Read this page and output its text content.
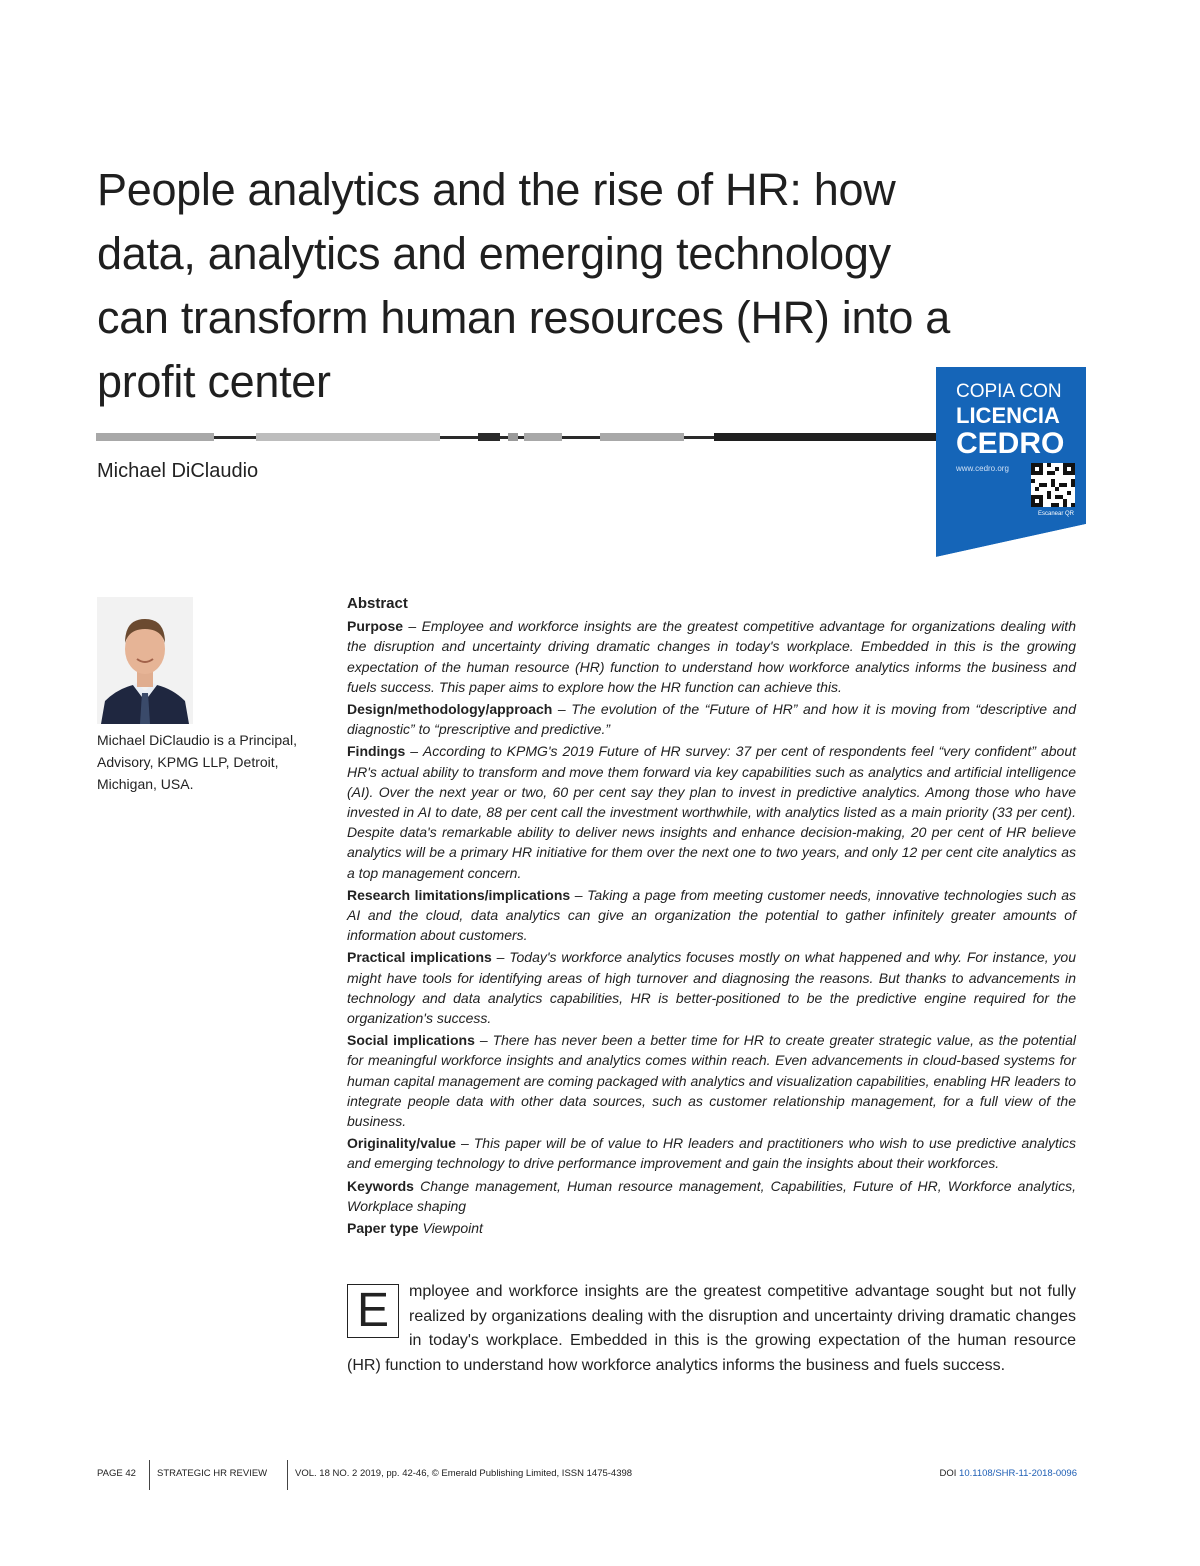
People analytics and the rise of HR: how
data, analytics and emerging technology
can transform human resources (HR) into a
profit center
Michael DiClaudio
COPIA CON
LICENCIA
CEDRO
www.cedro.org
Escanear QR
Michael DiClaudio is a Principal, Advisory, KPMG LLP, Detroit, Michigan, USA.
Abstract

Purpose – Employee and workforce insights are the greatest competitive advantage for organizations dealing with the disruption and uncertainty driving dramatic changes in today's workplace. Embedded in this is the growing expectation of the human resource (HR) function to understand how workforce analytics informs the business and fuels success. This paper aims to explore how the HR function can achieve this.

Design/methodology/approach – The evolution of the “Future of HR” and how it is moving from “descriptive and diagnostic” to “prescriptive and predictive.”

Findings – According to KPMG's 2019 Future of HR survey: 37 per cent of respondents feel “very confident” about HR's actual ability to transform and move them forward via key capabilities such as analytics and artificial intelligence (AI). Over the next year or two, 60 per cent say they plan to invest in predictive analytics. Among those who have invested in AI to date, 88 per cent call the investment worthwhile, with analytics listed as a main priority (33 per cent). Despite data's remarkable ability to deliver news insights and enhance decision-making, 20 per cent of HR believe analytics will be a primary HR initiative for them over the next one to two years, and only 12 per cent cite analytics as a top management concern.

Research limitations/implications – Taking a page from meeting customer needs, innovative technologies such as AI and the cloud, data analytics can give an organization the potential to gather infinitely greater amounts of information about customers.

Practical implications – Today's workforce analytics focuses mostly on what happened and why. For instance, you might have tools for identifying areas of high turnover and diagnosing the reasons. But thanks to advancements in technology and data analytics capabilities, HR is better-positioned to be the predictive engine required for the organization's success.

Social implications – There has never been a better time for HR to create greater strategic value, as the potential for meaningful workforce insights and analytics comes within reach. Even advancements in cloud-based systems for human capital management are coming packaged with analytics and visualization capabilities, enabling HR leaders to integrate people data with other data sources, such as customer relationship management, for a full view of the business.

Originality/value – This paper will be of value to HR leaders and practitioners who wish to use predictive analytics and emerging technology to drive performance improvement and gain the insights about their workforces.

Keywords Change management, Human resource management, Capabilities, Future of HR, Workforce analytics, Workplace shaping

Paper type Viewpoint

E	mployee and workforce insights are the greatest competitive advantage sought but not fully realized by organizations dealing with the disruption and uncertainty driving dramatic changes in today's workplace. Embedded in this is the growing expectation of the human resource (HR) function to understand how workforce analytics informs the business and fuels success.
PAGE 42 STRATEGIC HR REVIEW	VOL. 18 NO. 2 2019, pp. 42-46, © Emerald Publishing Limited, ISSN 1475-4398	DOI 10.1108/SHR-11-2018-0096
